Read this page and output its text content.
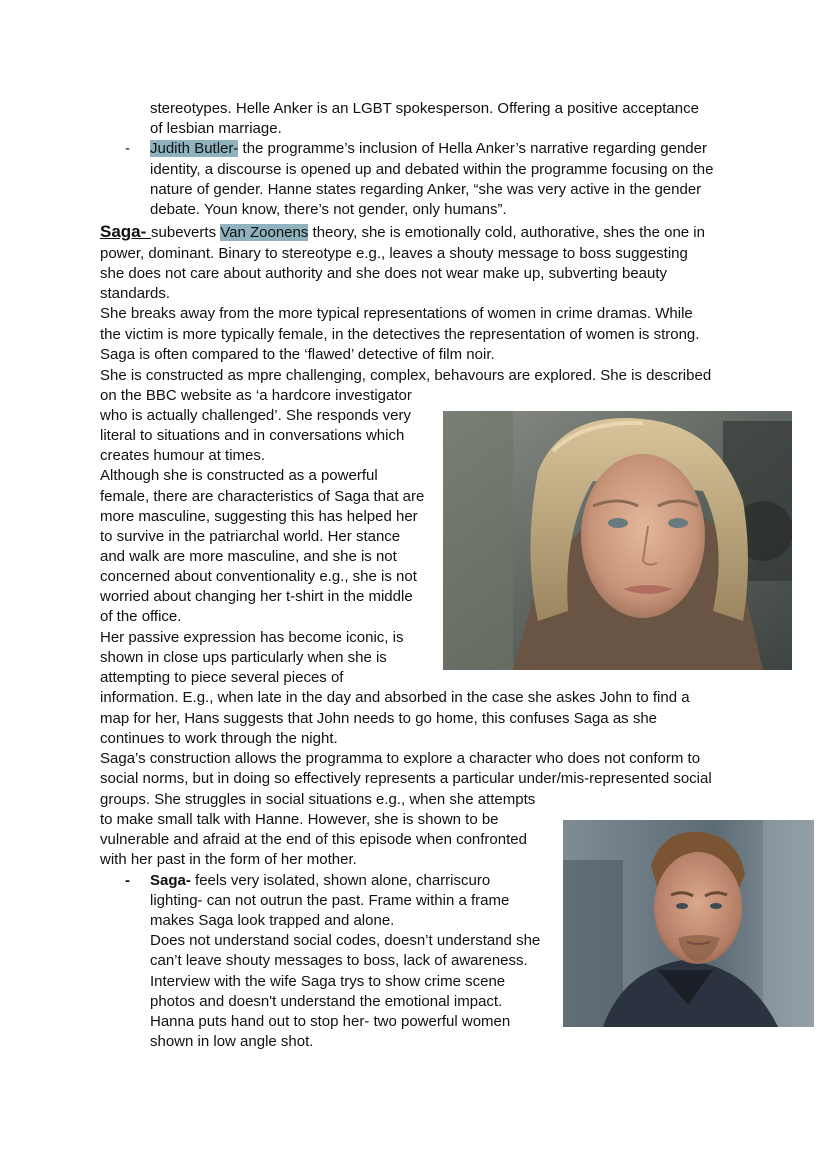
stereotypes. Helle Anker is an LGBT spokesperson. Offering a positive acceptance
of lesbian marriage.
- Judith Butler- the programme’s inclusion of Hella Anker’s narrative regarding gender
identity, a discourse is opened up and debated within the programme focusing on the
nature of gender. Hanne states regarding Anker, “she was very active in the gender
debate. Youn know, there’s not gender, only humans”.
Saga- subeverts Van Zoonens theory, she is emotionally cold, authorative, shes the one in
power, dominant. Binary to stereotype e.g., leaves a shouty message to boss suggesting
she does not care about authority and she does not wear make up, subverting beauty
standards.
She breaks away from the more typical representations of women in crime dramas. While
the victim is more typically female, in the detectives the representation of women is strong.
Saga is often compared to the ‘flawed’ detective of film noir.
She is constructed as mpre challenging, complex, behavours are explored. She is described
on the BBC website as ‘a hardcore investigator
who is actually challenged’. She responds very
literal to situations and in conversations which
creates humour at times.
Although she is constructed as a powerful
female, there are characteristics of Saga that are
more masculine, suggesting this has helped her
to survive in the patriarchal world. Her stance
and walk are more masculine, and she is not
concerned about conventionality e.g., she is not
worried about changing her t-shirt in the middle
of the office.
Her passive expression has become iconic, is
shown in close ups particularly when she is
attempting to piece several pieces of
information. E.g., when late in the day and absorbed in the case she askes John to find a
map for her, Hans suggests that John needs to go home, this confuses Saga as she
continues to work through the night.
Saga’s construction allows the programma to explore a character who does not conform to
social norms, but in doing so effectively represents a particular under/mis-represented social
groups. She struggles in social situations e.g., when she attempts
to make small talk with Hanne. However, she is shown to be
vulnerable and afraid at the end of this episode when confronted
with her past in the form of her mother.
- Saga- feels very isolated, shown alone, charriscuro
lighting- can not outrun the past. Frame within a frame
makes Saga look trapped and alone.
Does not understand social codes, doesn’t understand she
can’t leave shouty messages to boss, lack of awareness.
Interview with the wife Saga trys to show crime scene
photos and doesn't understand the emotional impact.
Hanna puts hand out to stop her- two powerful women
shown in low angle shot.
